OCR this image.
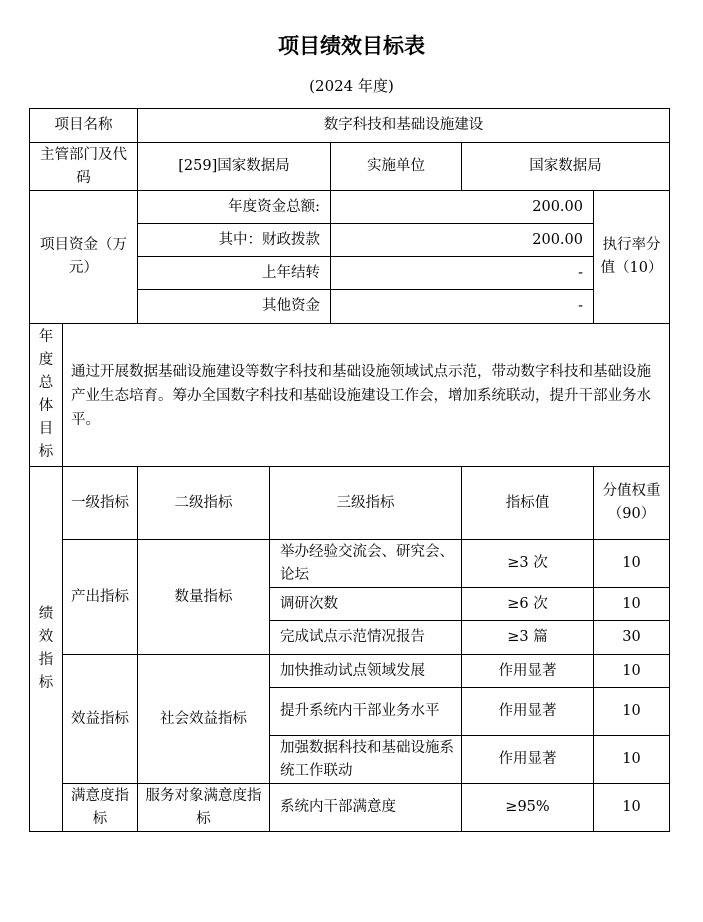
项目绩效目标表
(2024 年度)
项目名称		数字科技和基础设施建设				
主管部门及代码		[259]国家数据局		实施单位	国家数据局	
项目资金（万元）		年度资金总额:		200.00		执行率分值（10）
		其中：财政拨款		200.00		
		上年结转		-		
		其他资金		-		
年度总体目标	通过开展数据基础设施建设等数字科技和基础设施领域试点示范，带动数字科技和基础设施产业生态培育。筹办全国数字科技和基础设施建设工作会，增加系统联动，提升干部业务水平。					
绩效指标	一级指标	二级指标	三级指标		指标值	分值权重（90）
	产出指标	数量指标	举办经验交流会、研究会、论坛		≥3 次	10
			调研次数		≥6 次	10
			完成试点示范情况报告		≥3 篇	30
	效益指标	社会效益指标	加快推动试点领域发展		作用显著	10
			提升系统内干部业务水平		作用显著	10
			加强数据科技和基础设施系统工作联动		作用显著	10
	满意度指标	服务对象满意度指标	系统内干部满意度		≥95%	10
